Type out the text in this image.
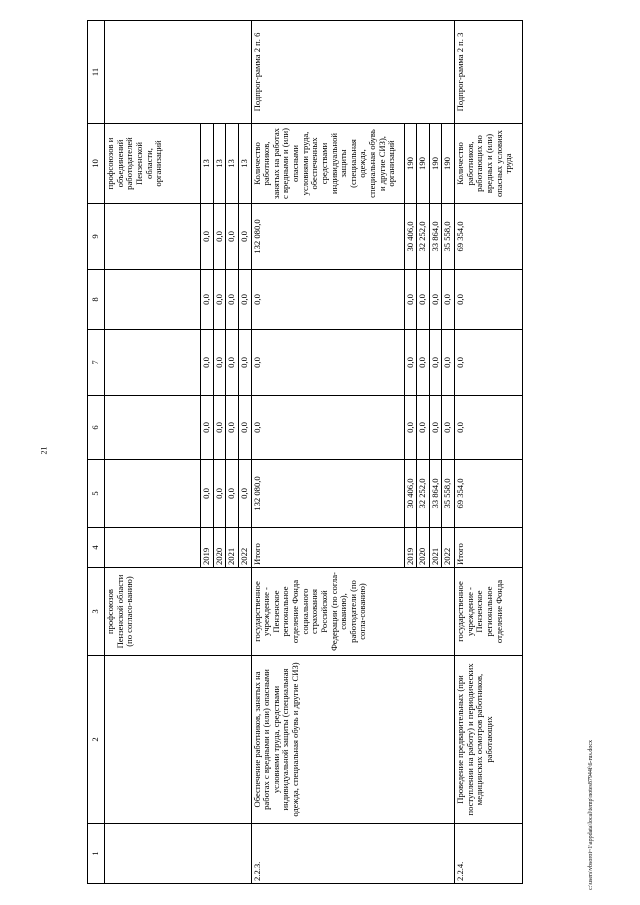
21
1	2	3	4	5	6	7	8	9	10	11
		профсоюзов Пензенской области (по согласо-ванию)							профсоюзов и объединений работодателей Пензенской области, организаций	
			2019	0,0	0,0	0,0	0,0	0,0	13	
			2020	0,0	0,0	0,0	0,0	0,0	13	
			2021	0,0	0,0	0,0	0,0	0,0	13	
			2022	0,0	0,0	0,0	0,0	0,0	13	
2.2.3.	Обеспечение работников, занятых на работах с вредными и (или) опасными условиями труда, средствами индивидуальной защиты (специальная одежда, специальная обувь и другие СИЗ)	государственное учреждение - Пензенское региональное отделение Фонда социального страхования Российской Федерации (по согла-сованию), работодатели (по согла-сованию)	Итого	132 080,0	0,0	0,0	0,0	132 080,0	Количество работников, занятых на работах с вредными и (или) опасными условиями труда, обеспеченных средствами индивидуальной защиты (специальная одежда, специальная обувь и другие СИЗ), организаций	Подпрог-рамма 2 п. 6
			2019	30 406,0	0,0	0,0	0,0	30 406,0	190	
			2020	32 252,0	0,0	0,0	0,0	32 252,0	190	
			2021	33 864,0	0,0	0,0	0,0	33 864,0	190	
			2022	35 558,0	0,0	0,0	0,0	35 558,0	190	
2.2.4.	Проведение предварительных (при поступлении на работу) и периодических медицинских осмотров работников, работающих	государственное учреждение - Пензенское региональное отделение Фонда	Итого	69 354,0	0,0	0,0	0,0	69 354,0	Количество работников, работающих во вредных и (или) опасных условиях труда	Подпрог-рамма 2 п. 3
c:\users\vbsoroi~1\appdata\local\temp\notes87944f\6-rus.docx
